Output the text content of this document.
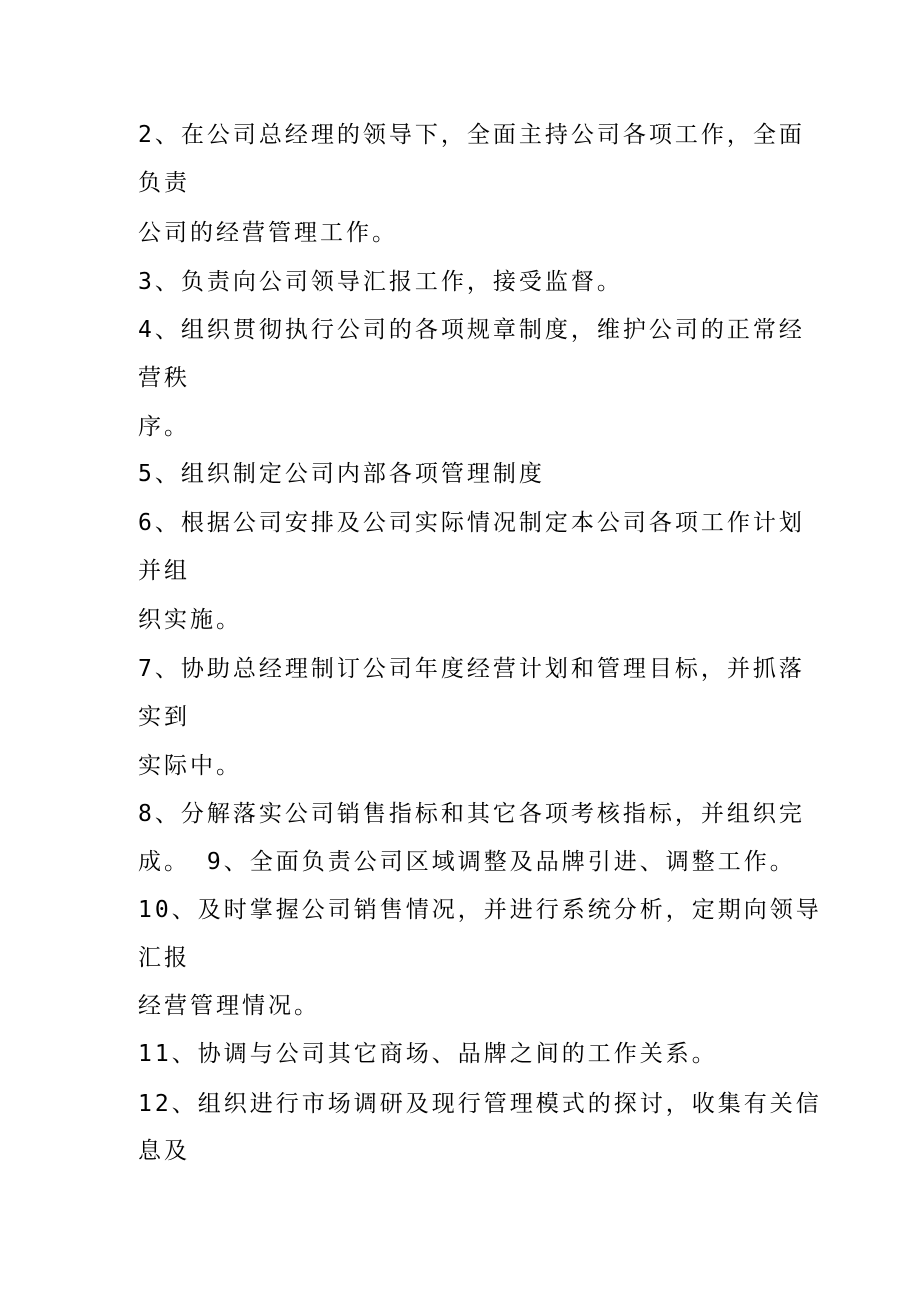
2、在公司总经理的领导下，全面主持公司各项工作，全面
负责
公司的经营管理工作。
3、负责向公司领导汇报工作，接受监督。
4、组织贯彻执行公司的各项规章制度，维护公司的正常经
营秩
序。
5、组织制定公司内部各项管理制度
6、根据公司安排及公司实际情况制定本公司各项工作计划
并组
织实施。
7、协助总经理制订公司年度经营计划和管理目标，并抓落
实到
实际中。
8、分解落实公司销售指标和其它各项考核指标，并组织完
成。 9、全面负责公司区域调整及品牌引进、调整工作。
10、及时掌握公司销售情况，并进行系统分析，定期向领导
汇报
经营管理情况。
11、协调与公司其它商场、品牌之间的工作关系。
12、组织进行市场调研及现行管理模式的探讨，收集有关信
息及
